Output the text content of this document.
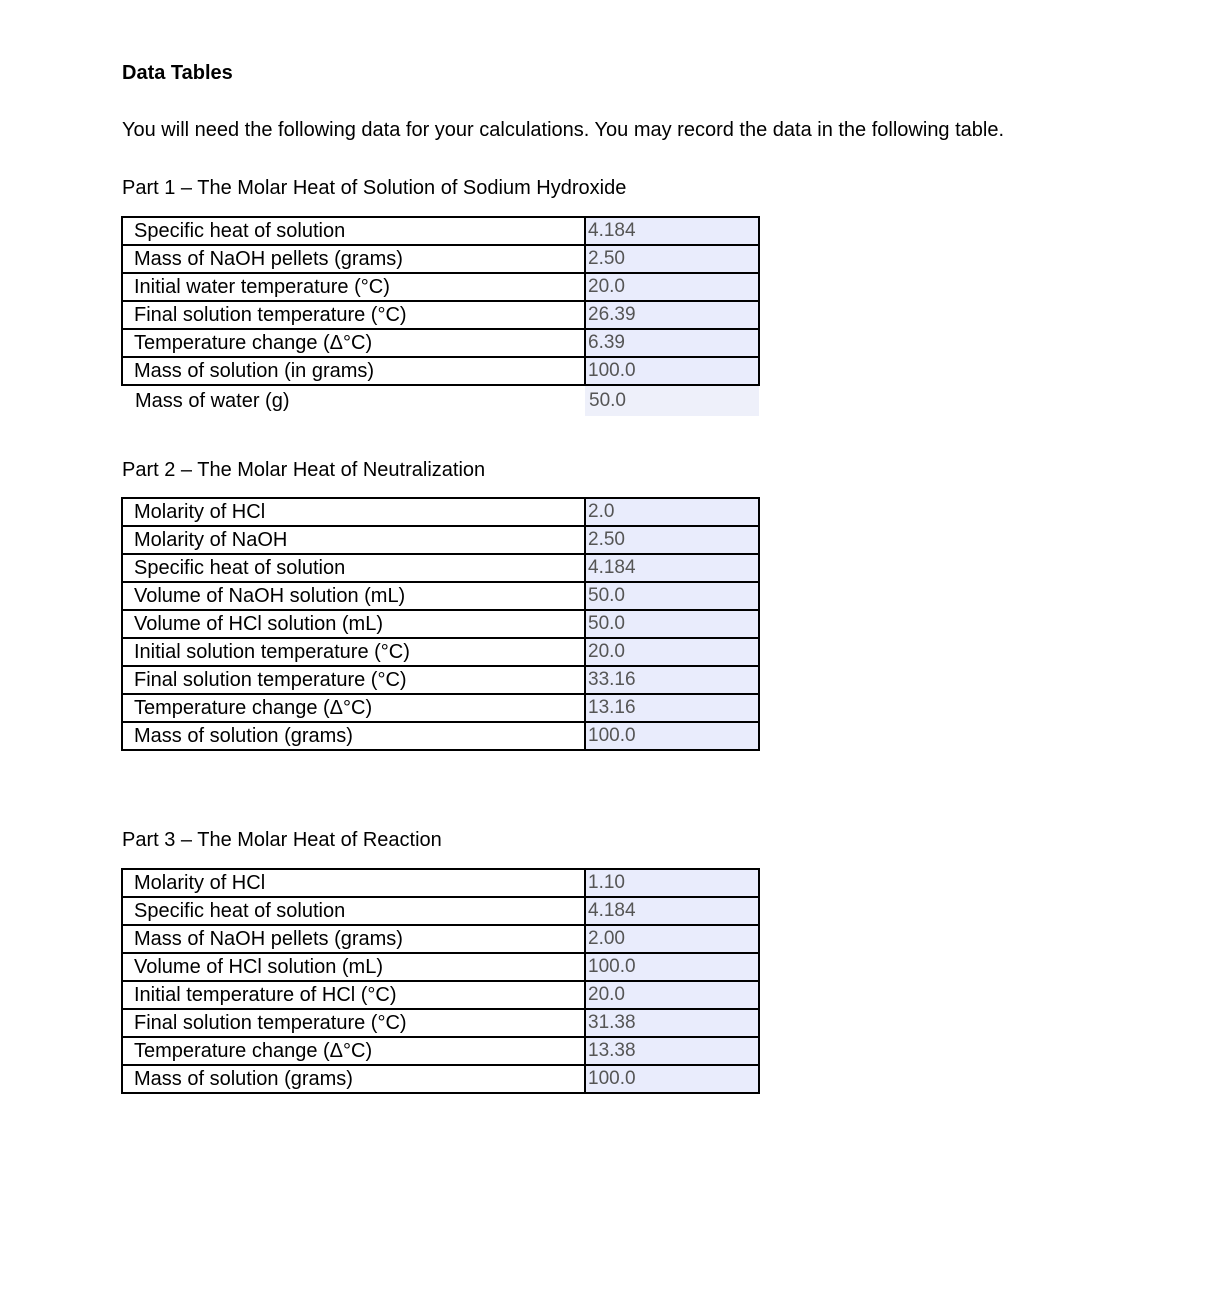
Data Tables

You will need the following data for your calculations. You may record the data in the following table.

Part 1 – The Molar Heat of Solution of Sodium Hydroxide

Specific heat of solution	4.184
Mass of NaOH pellets (grams)	2.50
Initial water temperature (°C)	20.0
Final solution temperature (°C)	26.39
Temperature change (Δ°C)	6.39
Mass of solution (in grams)	100.0
Mass of water (g)	50.0

Part 2 – The Molar Heat of Neutralization

Molarity of HCl	2.0
Molarity of NaOH	2.50
Specific heat of solution	4.184
Volume of NaOH solution (mL)	50.0
Volume of HCl solution (mL)	50.0
Initial solution temperature (°C)	20.0
Final solution temperature (°C)	33.16
Temperature change (Δ°C)	13.16
Mass of solution (grams)	100.0

Part 3 – The Molar Heat of Reaction

Molarity of HCl	1.10
Specific heat of solution	4.184
Mass of NaOH pellets (grams)	2.00
Volume of HCl solution (mL)	100.0
Initial temperature of HCl (°C)	20.0
Final solution temperature (°C)	31.38
Temperature change (Δ°C)	13.38
Mass of solution (grams)	100.0
